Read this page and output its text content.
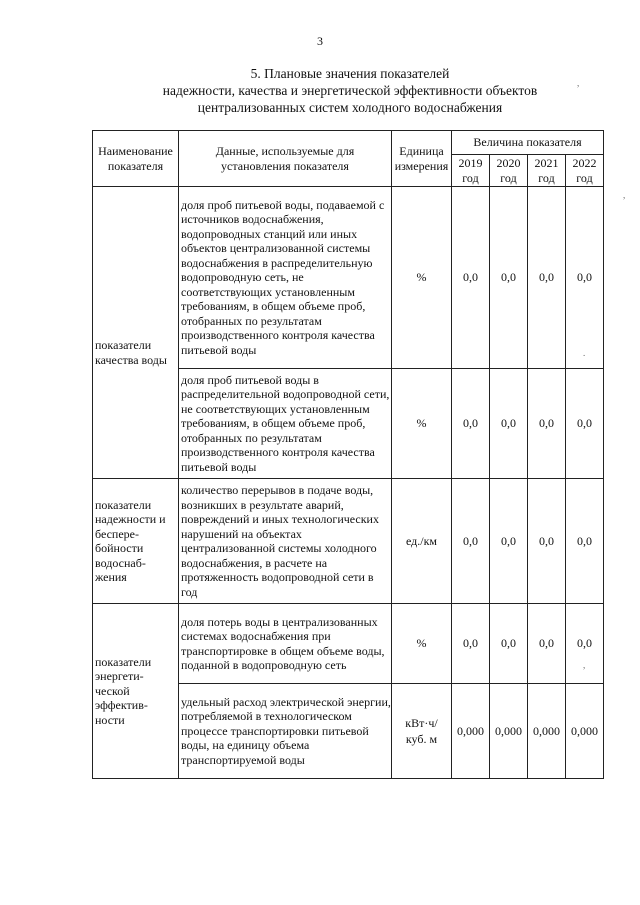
3
5. Плановые значения показателей
надежности, качества и энергетической эффективности объектов
централизованных систем холодного водоснабжения
Наименование показателя	Данные, используемые для установления показателя	Единица измерения	Величина показателя			
			2019 год	2020 год	2021 год	2022 год
показатели качества воды	доля проб питьевой воды, подаваемой с источников водоснабжения, водопроводных станций или иных объектов централизованной системы водоснабжения в распределительную водопроводную сеть, не соответствующих установленным требованиям, в общем объеме проб, отобранных по результатам производственного контроля качества питьевой воды	%	0,0	0,0	0,0	0,0
	доля проб питьевой воды в распределительной водопроводной сети, не соответствующих установленным требованиям, в общем объеме проб, отобранных по результатам производственного контроля качества питьевой воды	%	0,0	0,0	0,0	0,0
показатели надежности и беспере-бойности водоснаб-жения	количество перерывов в подаче воды, возникших в результате аварий, повреждений и иных технологических нарушений на объектах централизованной системы холодного водоснабжения, в расчете на протяженность водопроводной сети в год	ед./км	0,0	0,0	0,0	0,0
показатели энергети-ческой эффектив-ности	доля потерь воды в централизованных системах водоснабжения при транспортировке в общем объеме воды, поданной в водопроводную сеть	%	0,0	0,0	0,0	0,0
	удельный расход электрической энергии, потребляемой в технологическом процессе транспортировки питьевой воды, на единицу объема транспортируемой воды	кВт·ч/ куб. м	0,000	0,000	0,000	0,000
,
,
.
,
